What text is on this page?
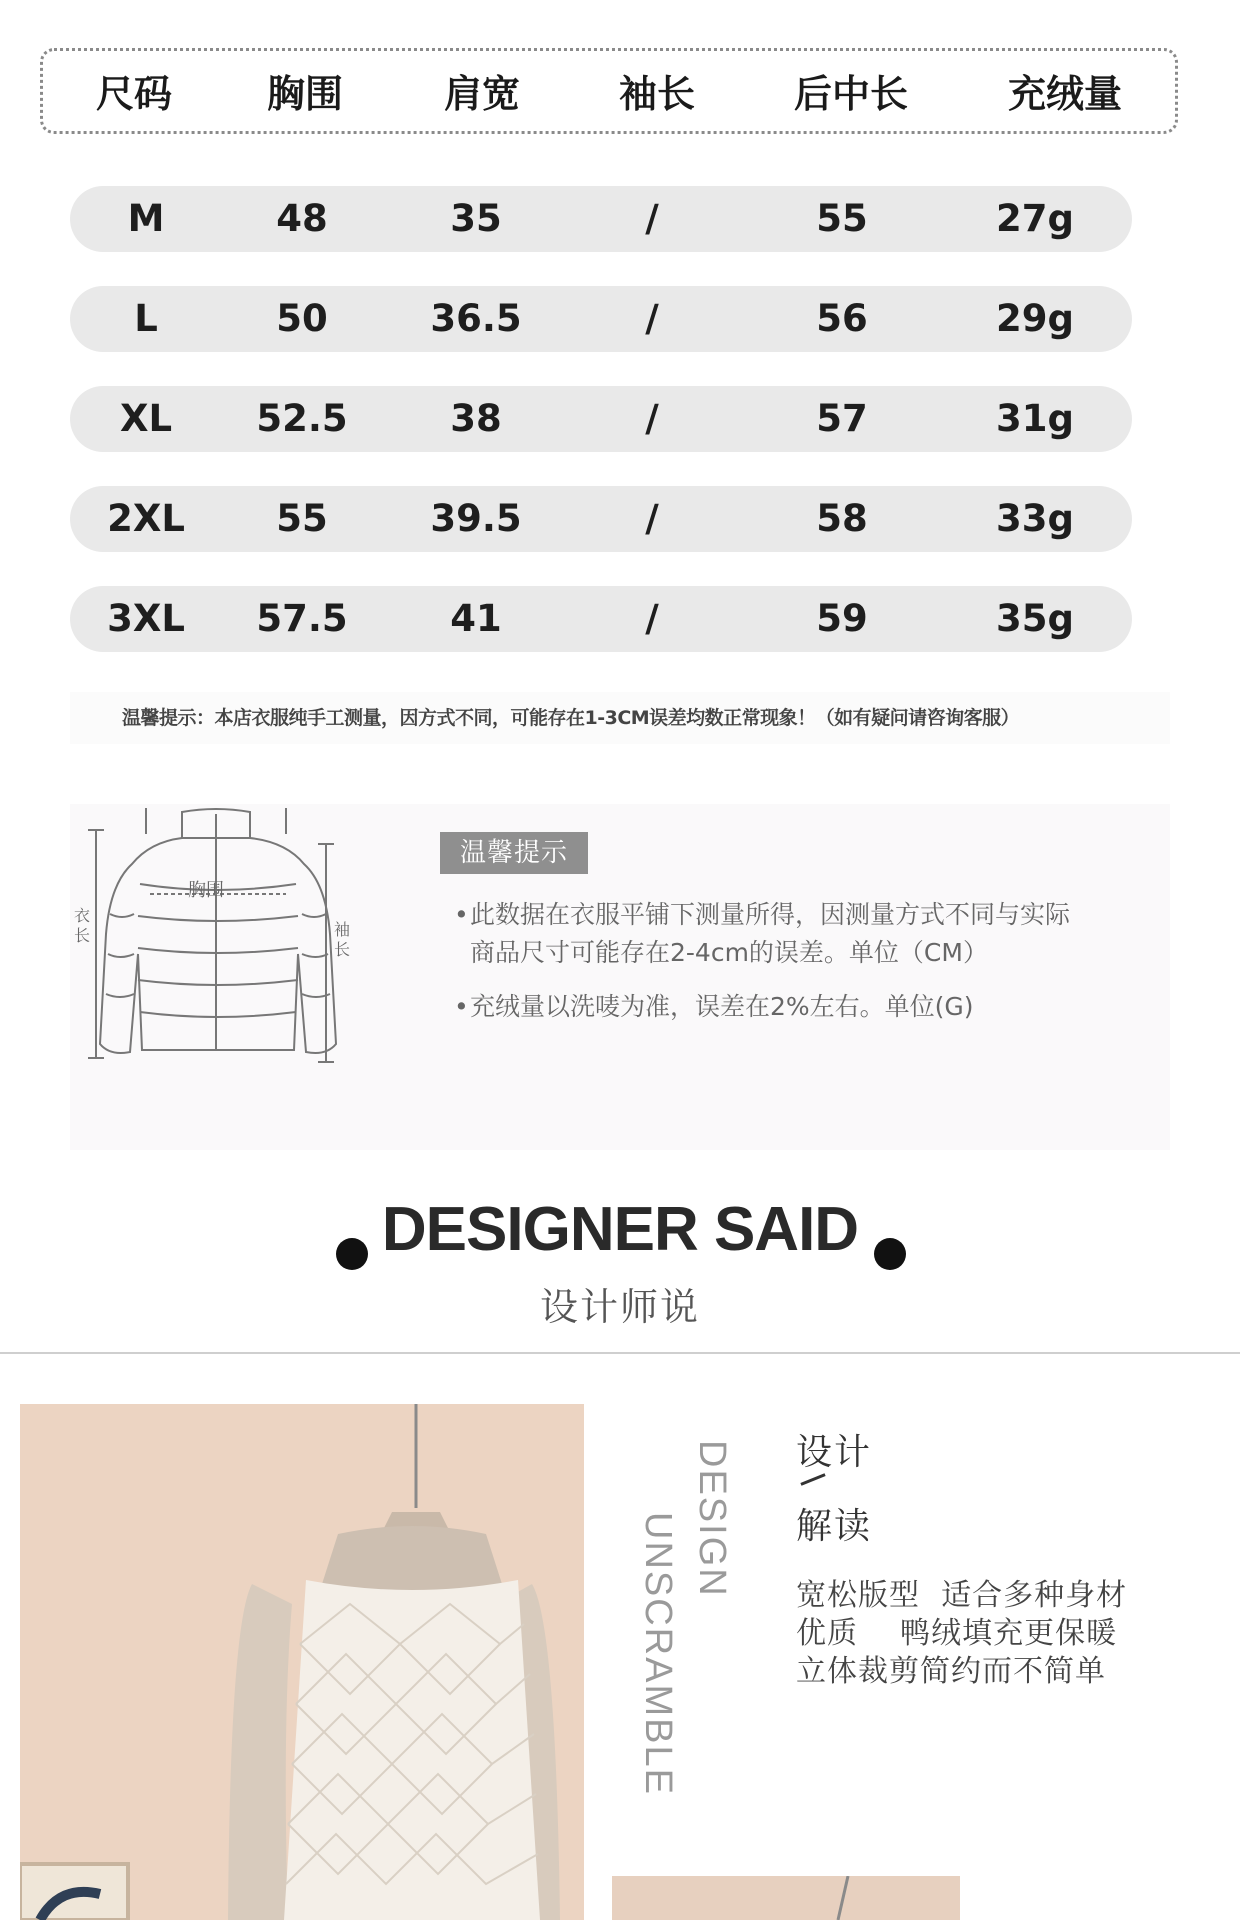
尺码 胸围	肩宽	袖长	后中长	充绒量
M	48	35	/	55	27g
L	50	36.5	/	56	29g
XL 52.5	38	/	57	31g
2XL 55	39.5	/	58	33g
3XL 57.5	41	/	59	35g
温馨提示：本店衣服纯手工测量，因方式不同，可能存在1-3CM误差均数正常现象！（如有疑问请咨询客服）
胸围
衣长	袖长
温馨提示
•此数据在衣服平铺下测量所得，因测量方式不同与实际
商品尺寸可能存在2-4cm的误差。单位（CM）
•充绒量以洗唛为准，误差在2%左右。单位(G)
DESIGNER SAID
设计师说
DESIGN
UNSCRAMBLE
设计
解读
宽松版型  适合多种身材
优质    鸭绒填充更保暖
立体裁剪简约而不简单
